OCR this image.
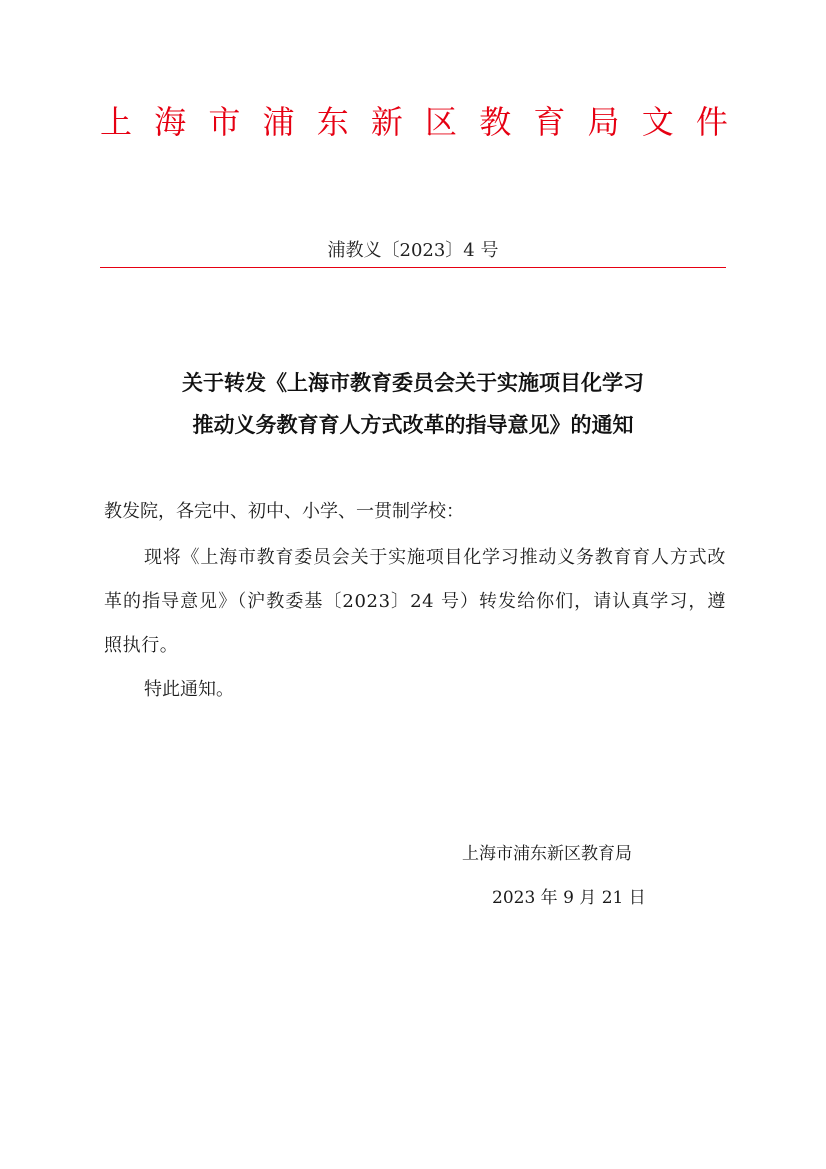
上 海 市 浦 东 新 区 教 育 局 文 件
浦教义〔2023〕4 号
关于转发《上海市教育委员会关于实施项目化学习
推动义务教育育人方式改革的指导意见》的通知
教发院，各完中、初中、小学、一贯制学校：
现将《上海市教育委员会关于实施项目化学习推动义务教育育人方式改革的指导意见》（沪教委基〔2023〕24 号）转发给你们，请认真学习，遵照执行。
特此通知。
上海市浦东新区教育局
2023 年 9 月 21 日
